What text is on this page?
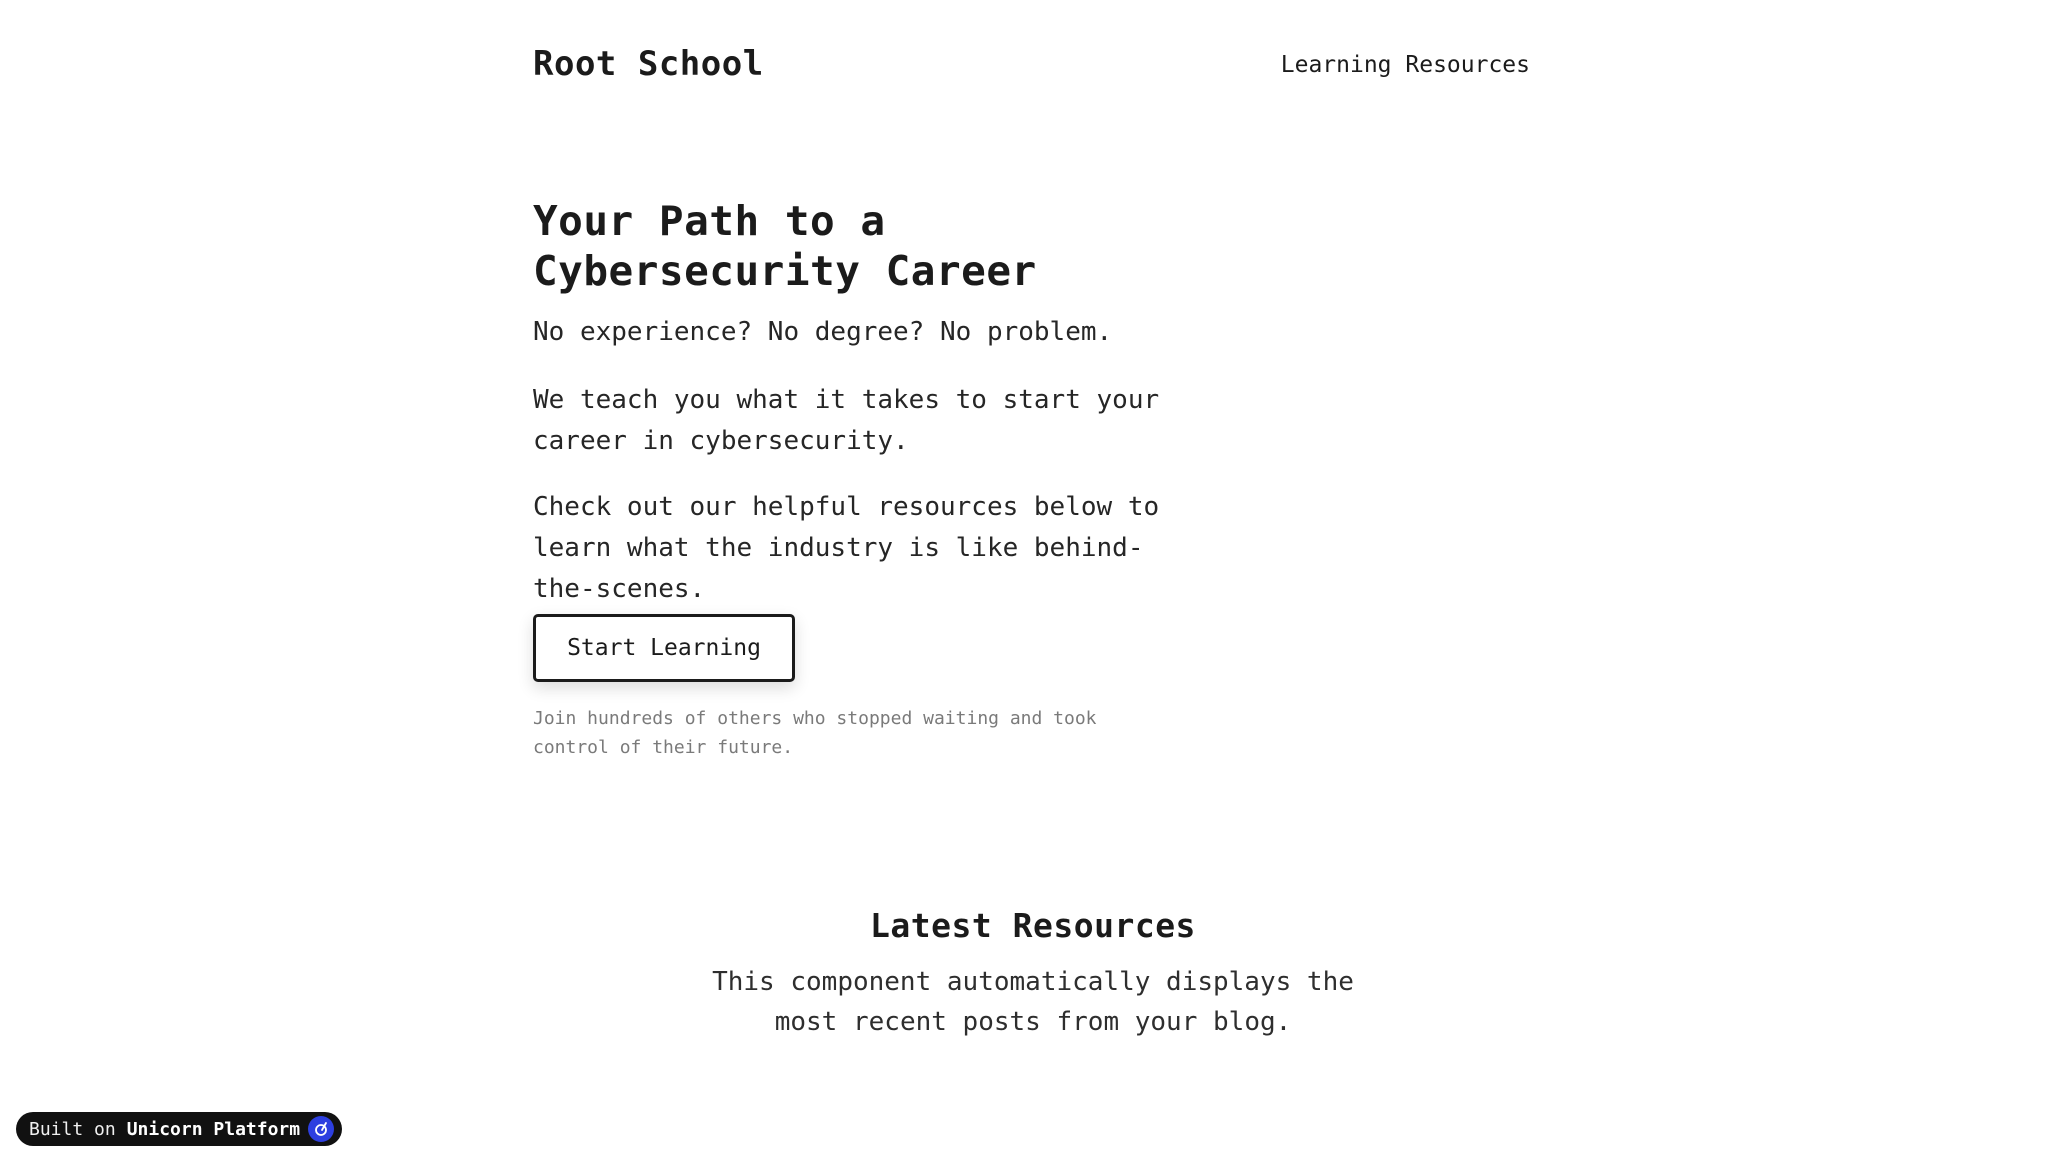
Root School	Learning Resources
Your Path to a Cybersecurity Career

No experience? No degree? No problem.

We teach you what it takes to start your career in cybersecurity.

Check out our helpful resources below to learn what the industry is like behind-the-scenes.

Start Learning

Join hundreds of others who stopped waiting and took control of their future.

Latest Resources

This component automatically displays the most recent posts from your blog.

Built on Unicorn Platform
